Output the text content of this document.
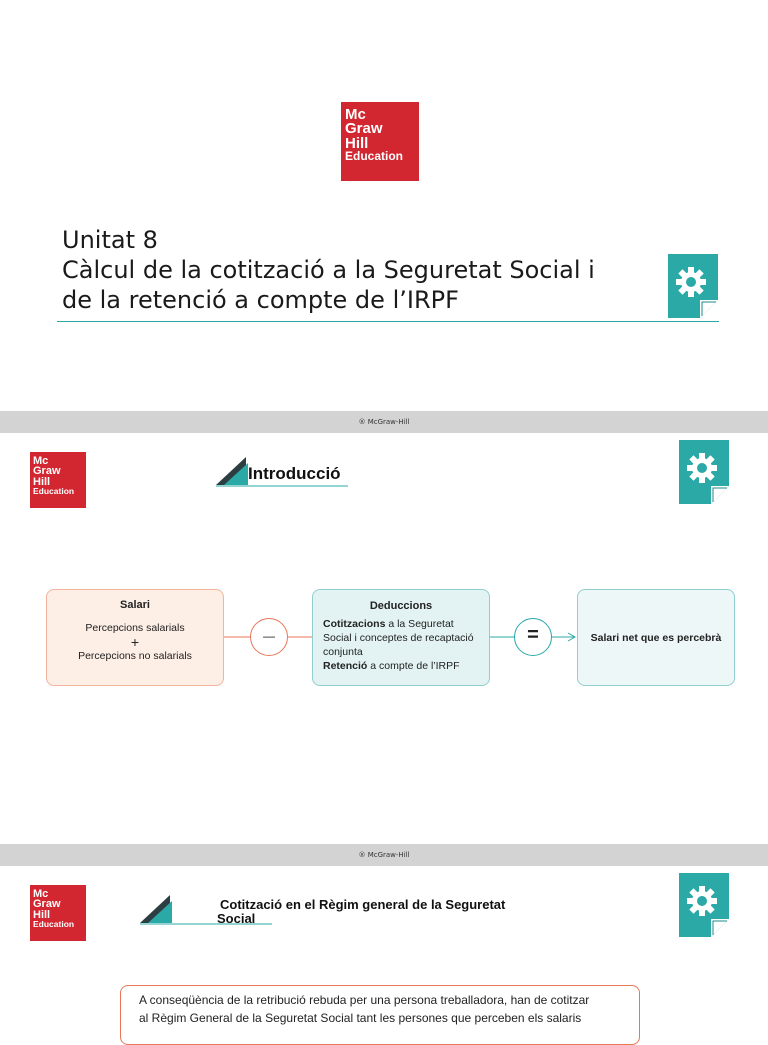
Mc
Graw
Hill
Education
Unitat 8
Càlcul de la cotització a la Seguretat Social i
de la retenció a compte de l’IRPF
® McGraw-Hill
Mc
Graw
Hill
Education
Introducció
Salari
Percepcions salarials
+
Percepcions no salarials
—
Deduccions
Cotitzacions a la Seguretat Social i conceptes de recaptació conjunta
Retenció a compte de l’IRPF
=	Salari net que es percebrà
® McGraw-Hill
Mc
Graw
Hill
Education
Cotització en el Règim general de la Seguretat
Social
A conseqüència de la retribució rebuda per una persona treballadora, han de cotitzar
al Règim General de la Seguretat Social tant les persones que perceben els salaris
